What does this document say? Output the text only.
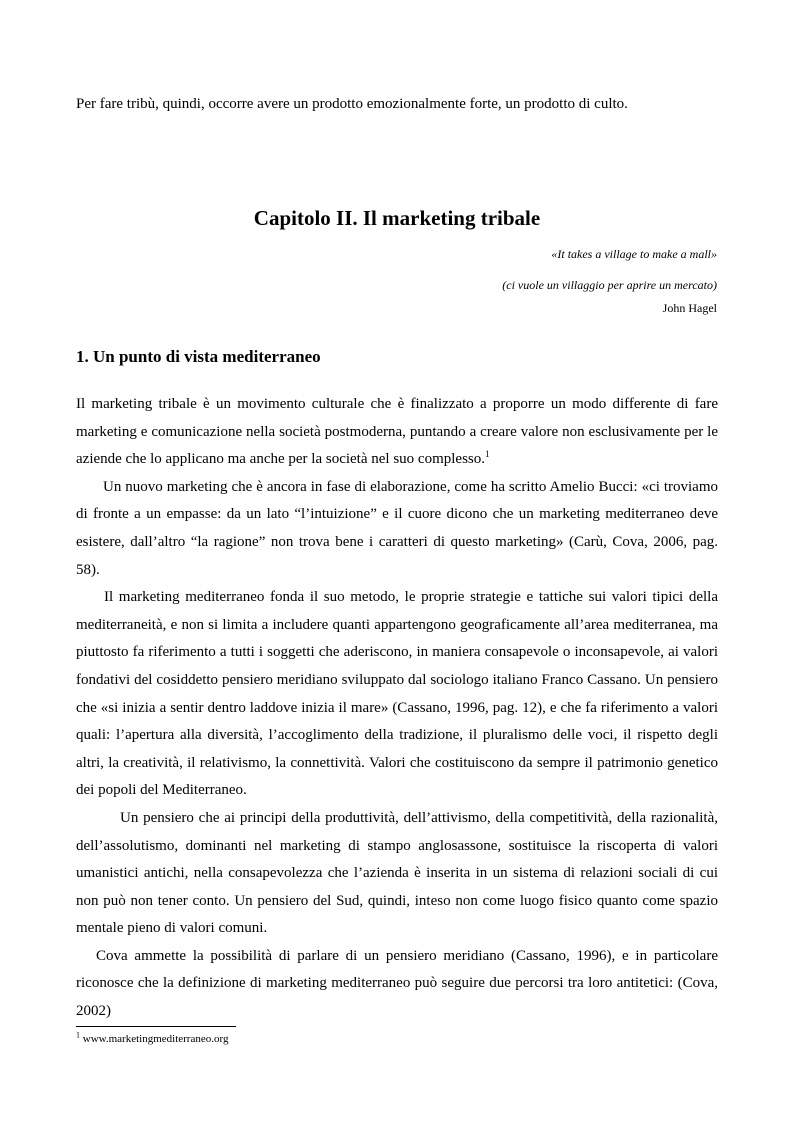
Per fare tribù, quindi, occorre avere un prodotto emozionalmente forte, un prodotto di culto.
Capitolo II. Il marketing tribale
«It takes a village to make a mall»
(ci vuole un villaggio per aprire un mercato)
John Hagel
1. Un punto di vista mediterraneo

Il marketing tribale è un movimento culturale che è finalizzato a proporre un modo differente di fare marketing e comunicazione nella società postmoderna, puntando a creare valore non esclusivamente per le aziende che lo applicano ma anche per la società nel suo complesso.$^1$

Un nuovo marketing che è ancora in fase di elaborazione, come ha scritto Amelio Bucci: «ci troviamo di fronte a un empasse: da un lato “l’intuizione” e il cuore dicono che un marketing mediterraneo deve esistere, dall’altro “la ragione” non trova bene i caratteri di questo marketing» (Carù, Cova, 2006, pag. 58).

Il marketing mediterraneo fonda il suo metodo, le proprie strategie e tattiche sui valori tipici della mediterraneità, e non si limita a includere quanti appartengono geograficamente all’area mediterranea, ma piuttosto fa riferimento a tutti i soggetti che aderiscono, in maniera consapevole o inconsapevole, ai valori fondativi del cosiddetto pensiero meridiano sviluppato dal sociologo italiano Franco Cassano. Un pensiero che «si inizia a sentir dentro laddove inizia il mare» (Cassano, 1996, pag. 12), e che fa riferimento a valori quali: l’apertura alla diversità, l’accoglimento della tradizione, il pluralismo delle voci, il rispetto degli altri, la creatività, il relativismo, la connettività. Valori che costituiscono da sempre il patrimonio genetico dei popoli del Mediterraneo.

Un pensiero che ai principi della produttività, dell’attivismo, della competitività, della razionalità, dell’assolutismo, dominanti nel marketing di stampo anglosassone, sostituisce la riscoperta di valori umanistici antichi, nella consapevolezza che l’azienda è inserita in un sistema di relazioni sociali di cui non può non tener conto. Un pensiero del Sud, quindi, inteso non come luogo fisico quanto come spazio mentale pieno di valori comuni.

Cova ammette la possibilità di parlare di un pensiero meridiano (Cassano, 1996), e in particolare riconosce che la definizione di marketing mediterraneo può seguire due percorsi tra loro antitetici: (Cova, 2002)

$^1$ www.marketingmediterraneo.org
